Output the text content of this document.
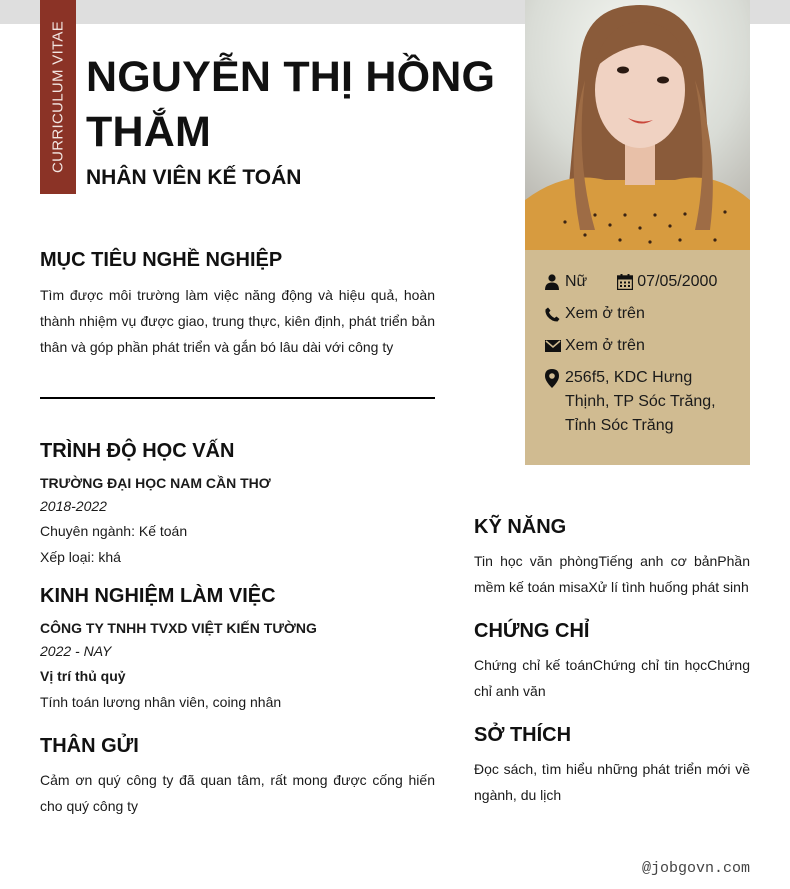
CURRICULUM VITAE NGUYỄN THỊ HỒNG THẮM
NHÂN VIÊN KẾ TOÁN
Nữ	07/05/2000
Xem ở trên
Xem ở trên
256f5, KDC Hưng Thịnh, TP Sóc Trăng, Tỉnh Sóc Trăng
MỤC TIÊU NGHỀ NGHIỆP
Tìm được môi trường làm việc năng động và hiệu quả, hoàn thành nhiệm vụ được giao, trung thực, kiên định, phát triển bản thân và góp phần phát triển và gắn bó lâu dài với công ty
TRÌNH ĐỘ HỌC VẤN
TRƯỜNG ĐẠI HỌC NAM CẦN THƠ
2018-2022
Chuyên ngành: Kế toán
Xếp loại: khá
KINH NGHIỆM LÀM VIỆC
CÔNG TY TNHH TVXD VIỆT KIẾN TƯỜNG
2022 - NAY
Vị trí thủ quỷ
Tính toán lương nhân viên, coing nhân
THÂN GỬI
Cảm ơn quý công ty đã quan tâm, rất mong được cống hiến cho quý công ty
KỸ NĂNG
Tin học văn phòngTiếng anh cơ bảnPhần mềm kế toán misaXử lí tình huống phát sinh
CHỨNG CHỈ
Chứng chỉ kế toánChứng chỉ tin họcChứng chỉ anh văn
SỞ THÍCH
Đọc sách, tìm hiểu những phát triển mới về ngành, du lịch
@jobgovn.com
